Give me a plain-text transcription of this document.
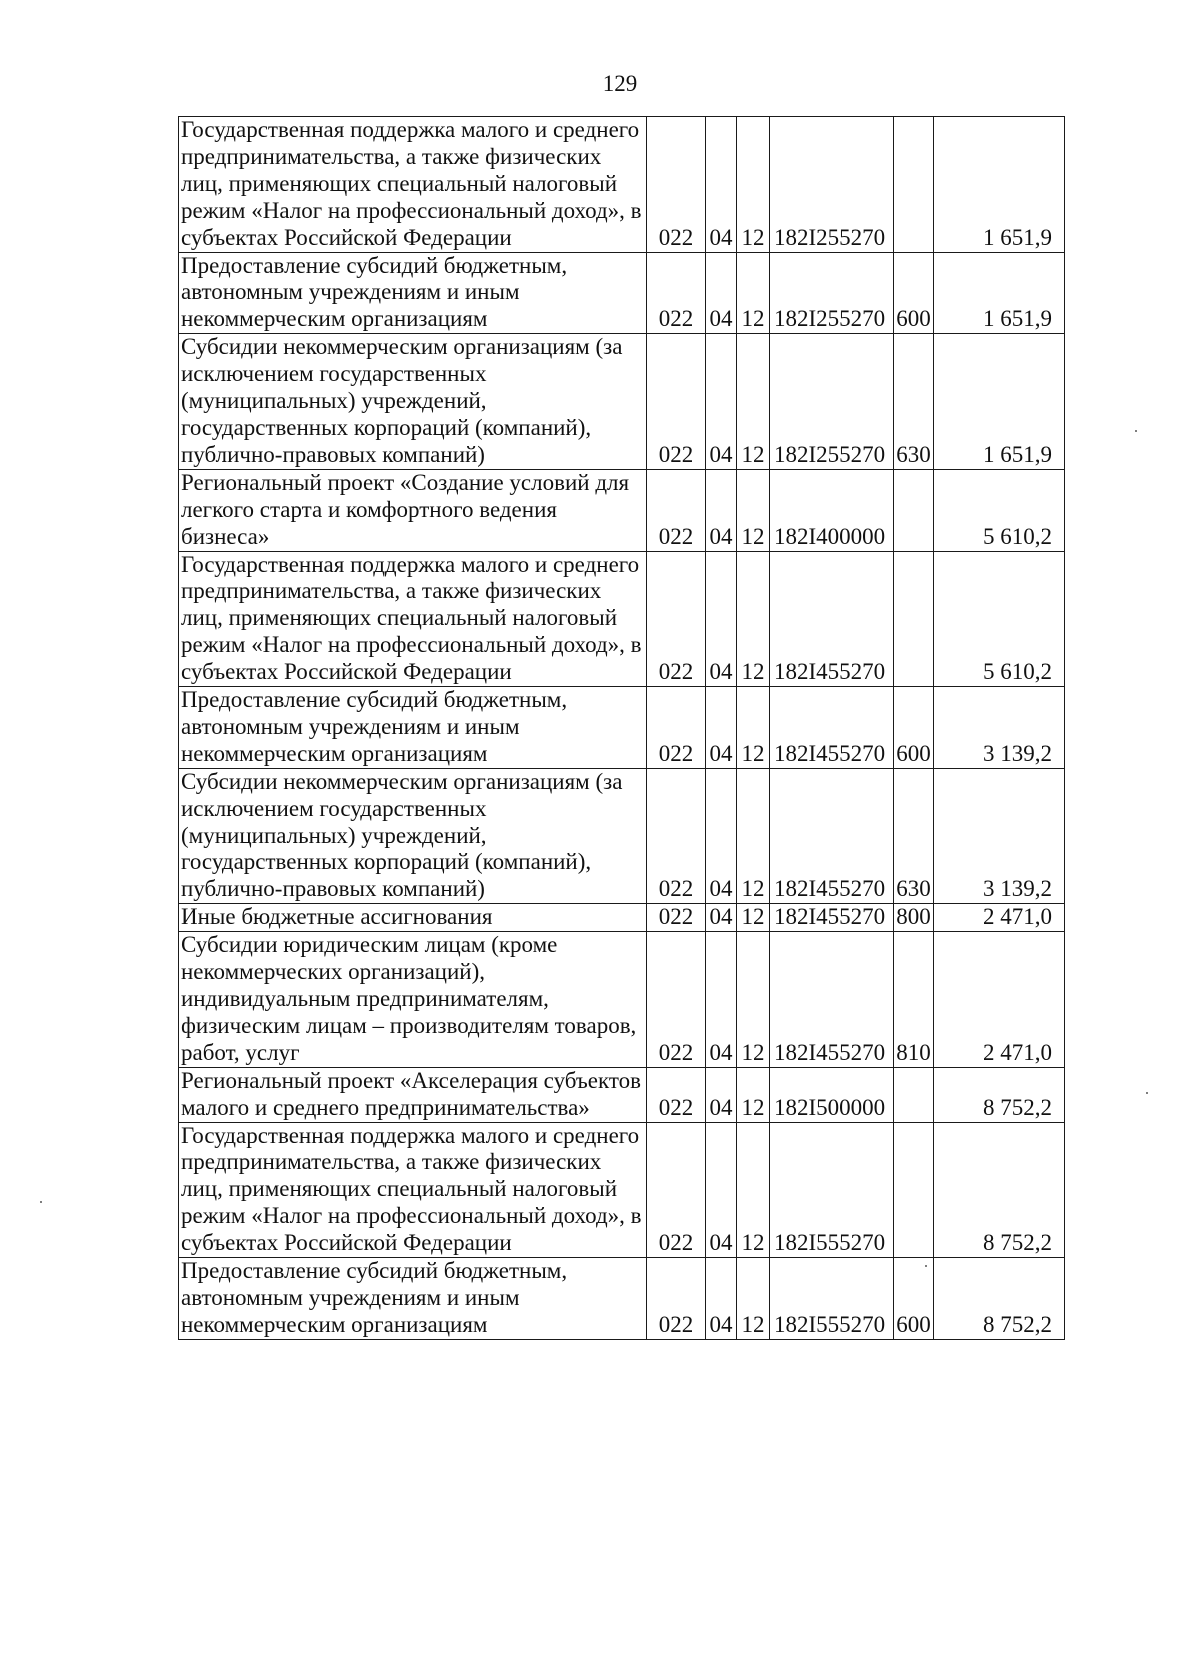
129
Государственная поддержка малого и среднего предпринимательства, а также физических лиц, применяющих специальный налоговый режим «Налог на профессиональный доход», в субъектах Российской Федерации	022	04	12	182I255270		1 651,9
Предоставление субсидий бюджетным, автономным учреждениям и иным некоммерческим организациям	022	04	12	182I255270	600	1 651,9
Субсидии некоммерческим организациям (за исключением государственных (муниципальных) учреждений, государственных корпораций (компаний), публично-правовых компаний)	022	04	12	182I255270	630	1 651,9
Региональный проект «Создание условий для легкого старта и комфортного ведения бизнеса»	022	04	12	182I400000		5 610,2
Государственная поддержка малого и среднего предпринимательства, а также физических лиц, применяющих специальный налоговый режим «Налог на профессиональный доход», в субъектах Российской Федерации	022	04	12	182I455270		5 610,2
Предоставление субсидий бюджетным, автономным учреждениям и иным некоммерческим организациям	022	04	12	182I455270	600	3 139,2
Субсидии некоммерческим организациям (за исключением государственных (муниципальных) учреждений, государственных корпораций (компаний), публично-правовых компаний)	022	04	12	182I455270	630	3 139,2
Иные бюджетные ассигнования	022	04	12	182I455270	800	2 471,0
Субсидии юридическим лицам (кроме некоммерческих организаций), индивидуальным предпринимателям, физическим лицам – производителям товаров, работ, услуг	022	04	12	182I455270	810	2 471,0
Региональный проект «Акселерация субъектов малого и среднего предпринимательства»	022	04	12	182I500000		8 752,2
Государственная поддержка малого и среднего предпринимательства, а также физических лиц, применяющих специальный налоговый режим «Налог на профессиональный доход», в субъектах Российской Федерации	022	04	12	182I555270		8 752,2
Предоставление субсидий бюджетным, автономным учреждениям и иным некоммерческим организациям	022	04	12	182I555270	600	8 752,2
